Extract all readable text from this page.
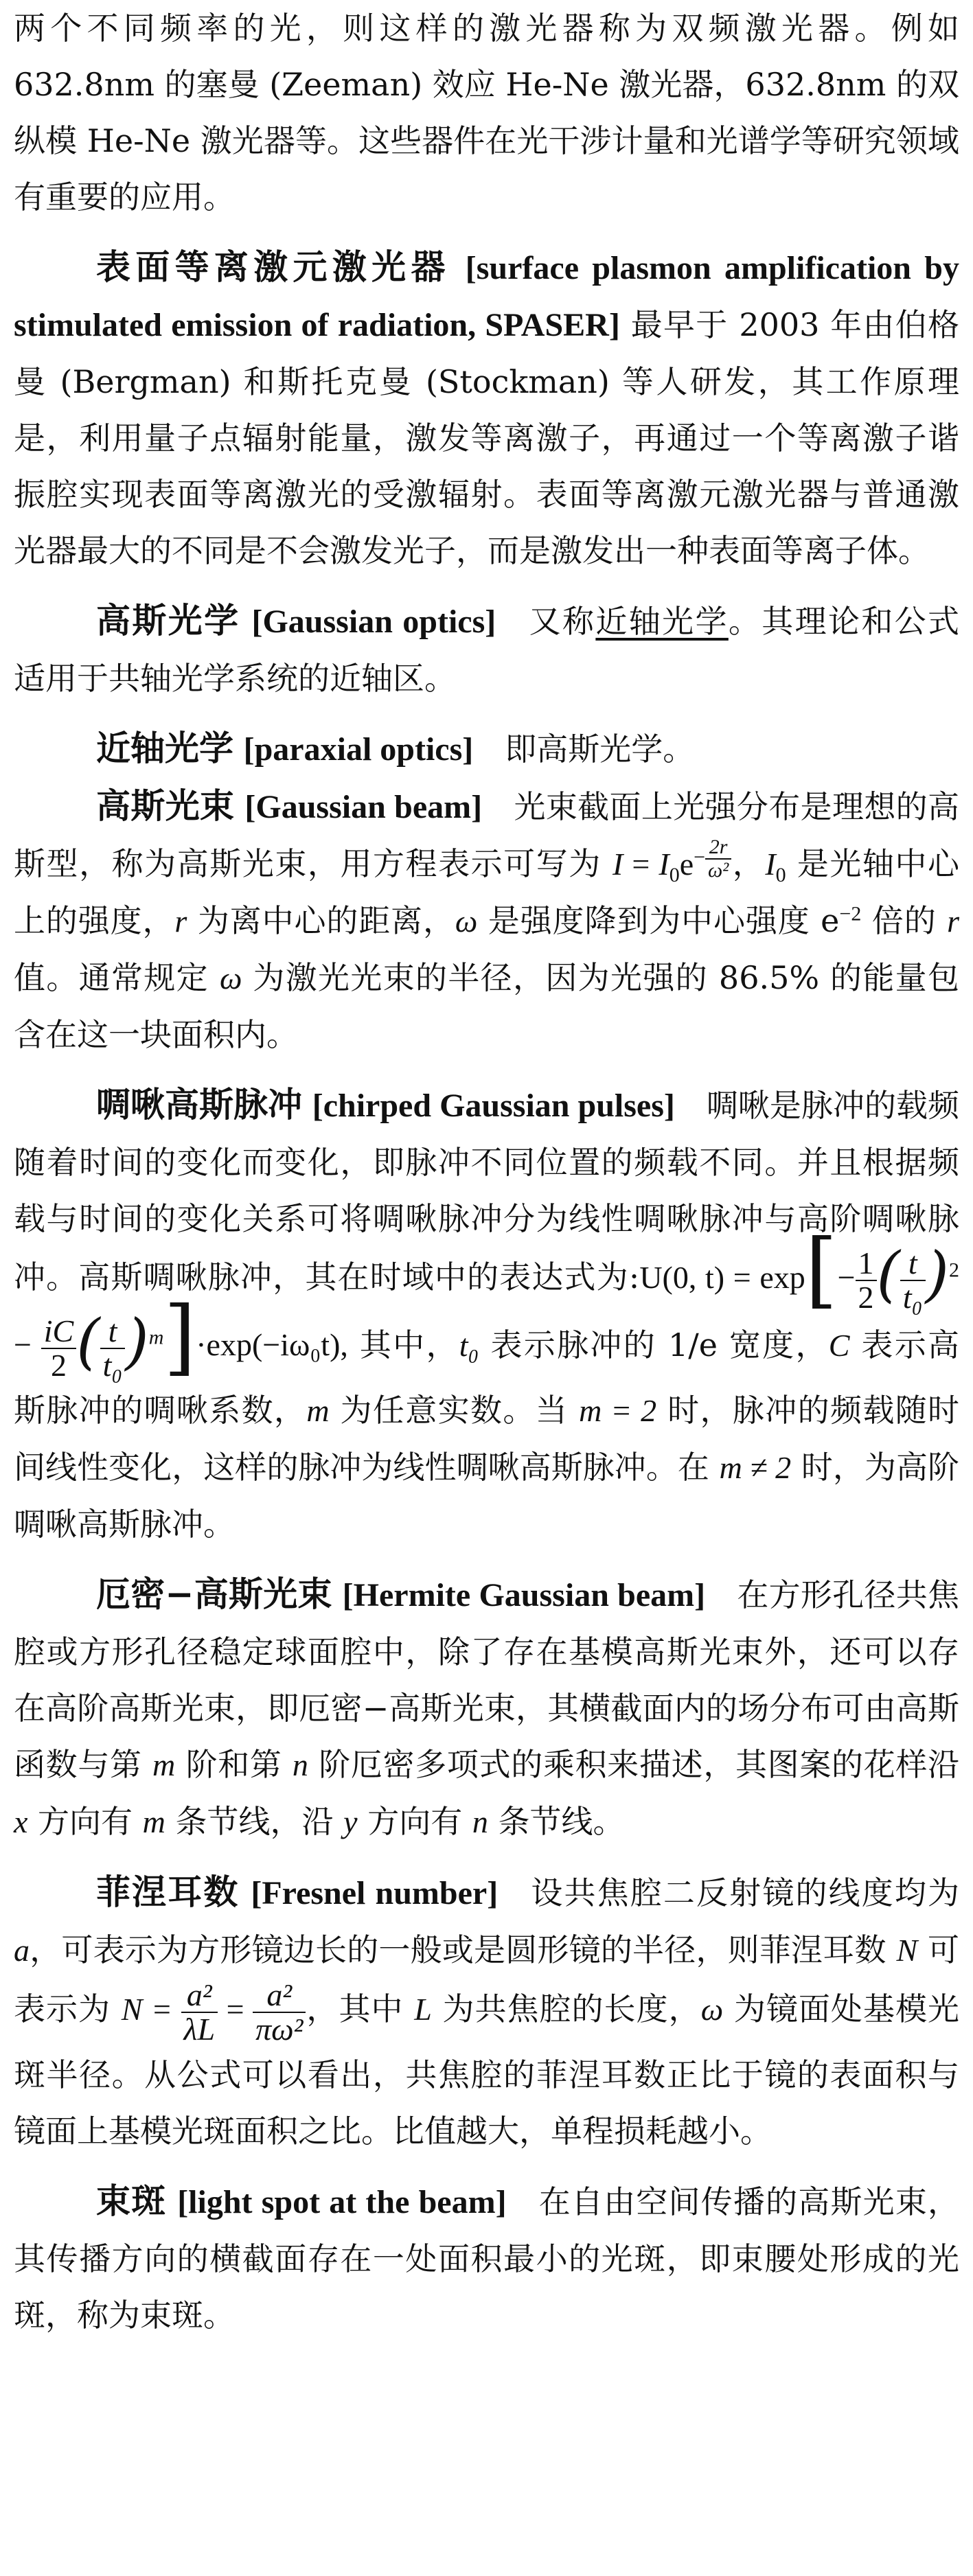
两个不同频率的光，则这样的激光器称为双频激光器。例如 632.8nm 的塞曼 (Zeeman) 效应 He-Ne 激光器，632.8nm 的双纵模 He-Ne 激光器等。这些器件在光干涉计量和光谱学等研究领域有重要的应用。

表面等离激元激光器 [surface plasmon amplification by stimulated emission of radiation, SPASER] 最早于 2003 年由伯格曼 (Bergman) 和斯托克曼 (Stockman) 等人研发，其工作原理是，利用量子点辐射能量，激发等离激子，再通过一个等离激子谐振腔实现表面等离激光的受激辐射。表面等离激元激光器与普通激光器最大的不同是不会激发光子，而是激发出一种表面等离子体。

高斯光学 [Gaussian optics] 又称近轴光学。其理论和公式适用于共轴光学系统的近轴区。

近轴光学 [paraxial optics] 即高斯光学。

高斯光束 [Gaussian beam] 光束截面上光强分布是理想的高斯型，称为高斯光束，用方程表示可写为 $I = I_0e^{- \frac{2r}{\text{ω²}}}$ ，$I_0$ 是光轴中心上的强度，r 为离中心的距离，ω 是强度降到为中心强度 $e^{-2}$ 倍的 r 值。通常规定 ω 为激光光束的半径，因为光强的 86.5% 的能量包含在这一块面积内。

啁啾高斯脉冲 [chirped Gaussian pulses] 啁啾是脉冲的载频随着时间的变化而变化，即脉冲不同位置的频载不同。并且根据频载与时间的变化关系可将啁啾脉冲分为线性啁啾脉冲与高阶啁啾脉冲。高斯啁啾脉冲，其在时域中的表达式为:U(0, $t) = \exp[- \frac{1}{2}$ ( $\frac{t}{\text{t₀}} )^2 - \frac{iC}{2}$ ( $\frac{t}{\text{t₀}} )^m]\cdot\exp(-i\omega_0t)$, 其中，t₀ 表示脉冲的 1/e 宽度，C 表示高斯脉冲的啁啾系数，m 为任意实数。当 m = 2 时，脉冲的频载随时间线性变化，这样的脉冲为线性啁啾高斯脉冲。在 m ≠ 2 时，为高阶啁啾高斯脉冲。

厄密−高斯光束 [Hermite Gaussian beam] 在方形孔径共焦腔或方形孔径稳定球面腔中，除了存在基模高斯光束外，还可以存在高阶高斯光束，即厄密−高斯光束，其横截面内的场分布可由高斯函数与第 m 阶和第 n 阶厄密多项式的乘积来描述，其图案的花样沿 x 方向有 m 条节线，沿 y 方向有 n 条节线。

菲涅耳数 [Fresnel number] 设共焦腔二反射镜的线度均为 a，可表示为方形镜边长的一般或是圆形镜的半径，则菲涅耳数 N 可表示为 $N = \frac{\text{a²}}{\lambda L} = \frac{\text{a²}}{\text{πω²}}$ ，其中 L 为共焦腔的长度，ω 为镜面处基模光斑半径。从公式可以看出，共焦腔的菲涅耳数正比于镜的表面积与镜面上基模光斑面积之比。比值越大，单程损耗越小。

束斑 [light spot at the beam] 在自由空间传播的高斯光束，其传播方向的横截面存在一处面积最小的光斑，即束腰处形成的光斑，称为束斑。
